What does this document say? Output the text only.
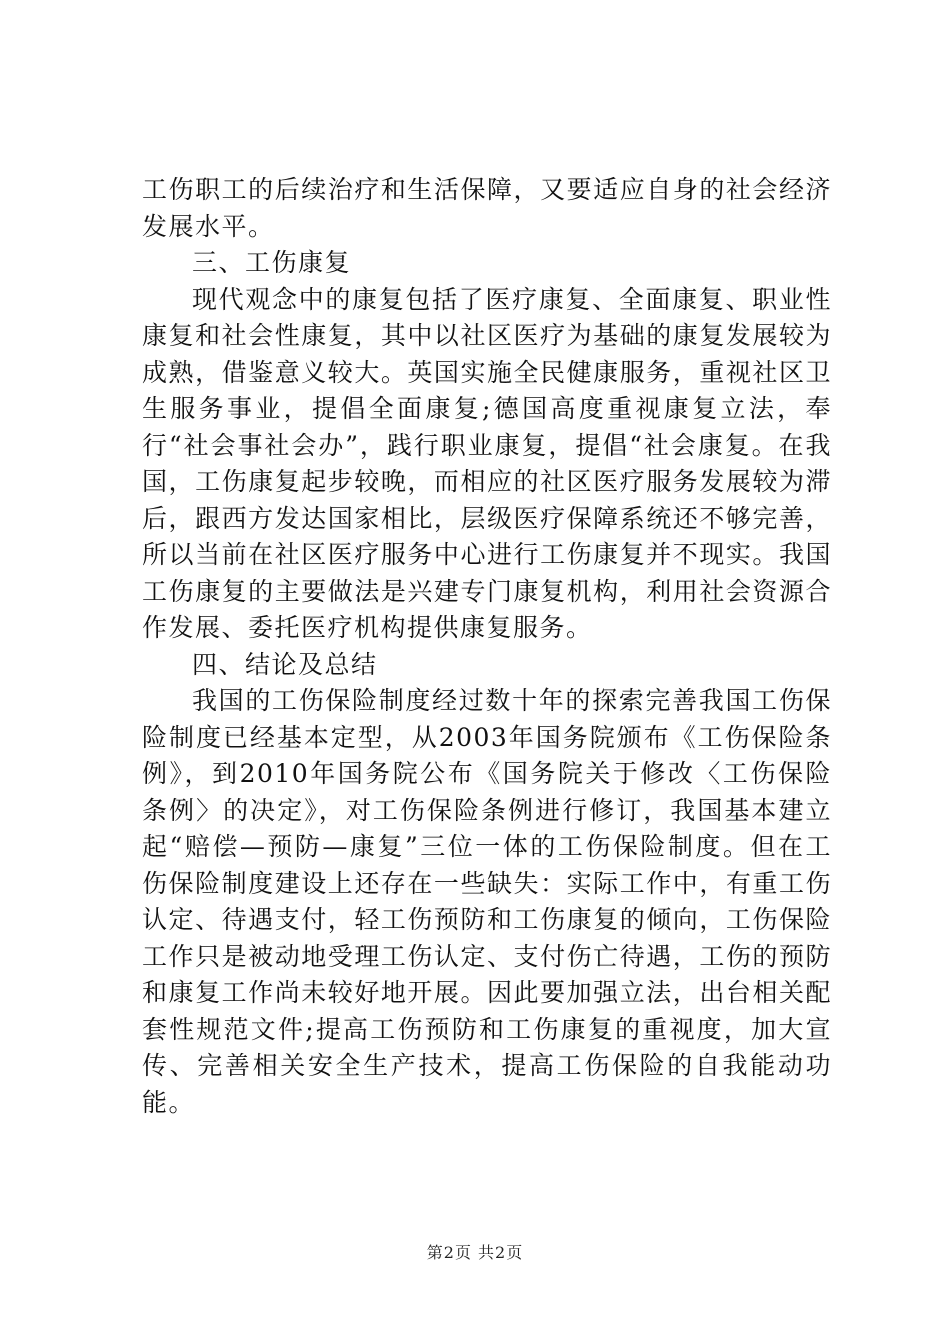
工伤职工的后续治疗和生活保障，又要适应自身的社会经济发展水平。

三、工伤康复

现代观念中的康复包括了医疗康复、全面康复、职业性康复和社会性康复，其中以社区医疗为基础的康复发展较为成熟，借鉴意义较大。英国实施全民健康服务，重视社区卫生服务事业，提倡全面康复;德国高度重视康复立法，奉行“社会事社会办”，践行职业康复，提倡“社会康复。在我国，工伤康复起步较晚，而相应的社区医疗服务发展较为滞后，跟西方发达国家相比，层级医疗保障系统还不够完善，所以当前在社区医疗服务中心进行工伤康复并不现实。我国工伤康复的主要做法是兴建专门康复机构，利用社会资源合作发展、委托医疗机构提供康复服务。

四、结论及总结

我国的工伤保险制度经过数十年的探索完善我国工伤保险制度已经基本定型，从2003年国务院颁布《工伤保险条例》，到2010年国务院公布《国务院关于修改〈工伤保险条例〉的决定》，对工伤保险条例进行修订，我国基本建立起“赔偿—预防—康复”三位一体的工伤保险制度。但在工伤保险制度建设上还存在一些缺失：实际工作中，有重工伤认定、待遇支付，轻工伤预防和工伤康复的倾向，工伤保险工作只是被动地受理工伤认定、支付伤亡待遇，工伤的预防和康复工作尚未较好地开展。因此要加强立法，出台相关配套性规范文件;提高工伤预防和工伤康复的重视度，加大宣传、完善相关安全生产技术，提高工伤保险的自我能动功能。

第2页 共2页
